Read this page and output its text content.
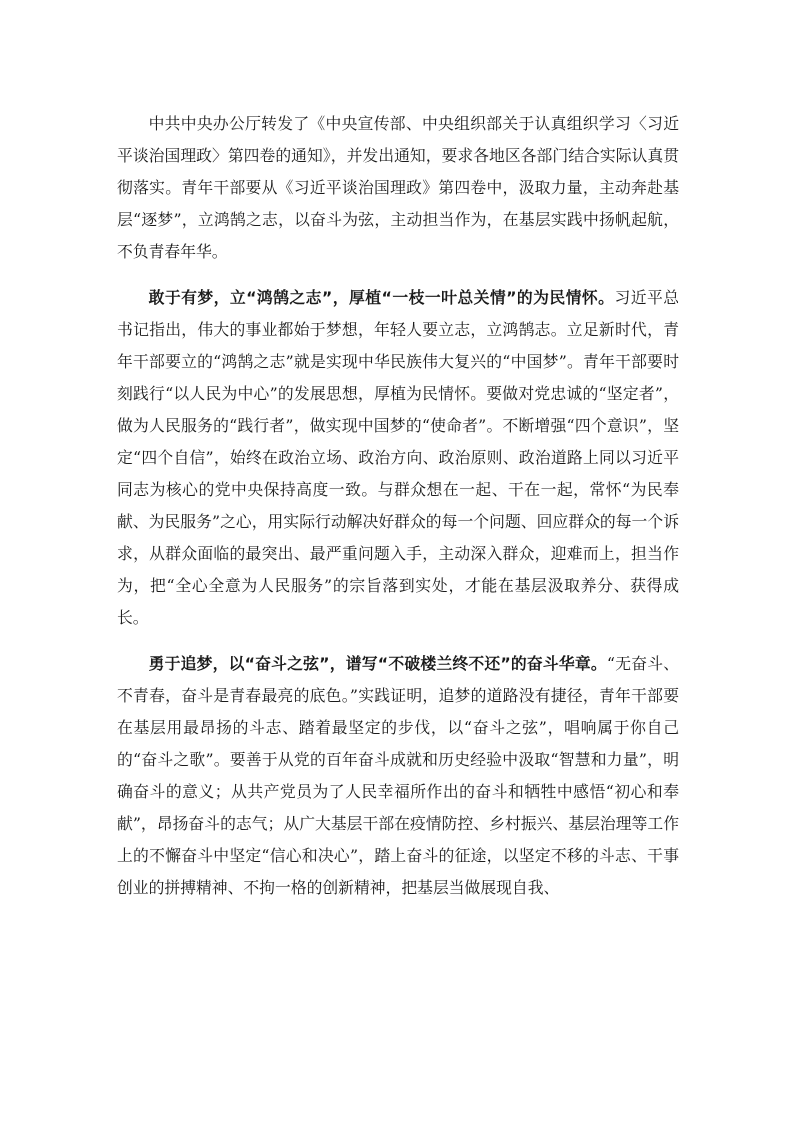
中共中央办公厅转发了《中央宣传部、中央组织部关于认真组织学习〈习近平谈治国理政〉第四卷的通知》，并发出通知，要求各地区各部门结合实际认真贯彻落实。青年干部要从《习近平谈治国理政》第四卷中，汲取力量，主动奔赴基层“逐梦”，立鸿鹄之志，以奋斗为弦，主动担当作为，在基层实践中扬帆起航，不负青春年华。

敢于有梦，立“鸿鹄之志”，厚植“一枝一叶总关情”的为民情怀。习近平总书记指出，伟大的事业都始于梦想，年轻人要立志，立鸿鹄志。立足新时代，青年干部要立的“鸿鹄之志”就是实现中华民族伟大复兴的“中国梦”。青年干部要时刻践行“以人民为中心”的发展思想，厚植为民情怀。要做对党忠诚的“坚定者”，做为人民服务的“践行者”，做实现中国梦的“使命者”。不断增强“四个意识”，坚定“四个自信”，始终在政治立场、政治方向、政治原则、政治道路上同以习近平同志为核心的党中央保持高度一致。与群众想在一起、干在一起，常怀“为民奉献、为民服务”之心，用实际行动解决好群众的每一个问题、回应群众的每一个诉求，从群众面临的最突出、最严重问题入手，主动深入群众，迎难而上，担当作为，把“全心全意为人民服务”的宗旨落到实处，才能在基层汲取养分、获得成长。

勇于追梦，以“奋斗之弦”，谱写“不破楼兰终不还”的奋斗华章。“无奋斗、不青春，奋斗是青春最亮的底色。”实践证明，追梦的道路没有捷径，青年干部要在基层用最昂扬的斗志、踏着最坚定的步伐，以“奋斗之弦”，唱响属于你自己的“奋斗之歌”。要善于从党的百年奋斗成就和历史经验中汲取“智慧和力量”，明确奋斗的意义；从共产党员为了人民幸福所作出的奋斗和牺牲中感悟“初心和奉献”，昂扬奋斗的志气；从广大基层干部在疫情防控、乡村振兴、基层治理等工作上的不懈奋斗中坚定“信心和决心”，踏上奋斗的征途，以坚定不移的斗志、干事创业的拼搏精神、不拘一格的创新精神，把基层当做展现自我、
